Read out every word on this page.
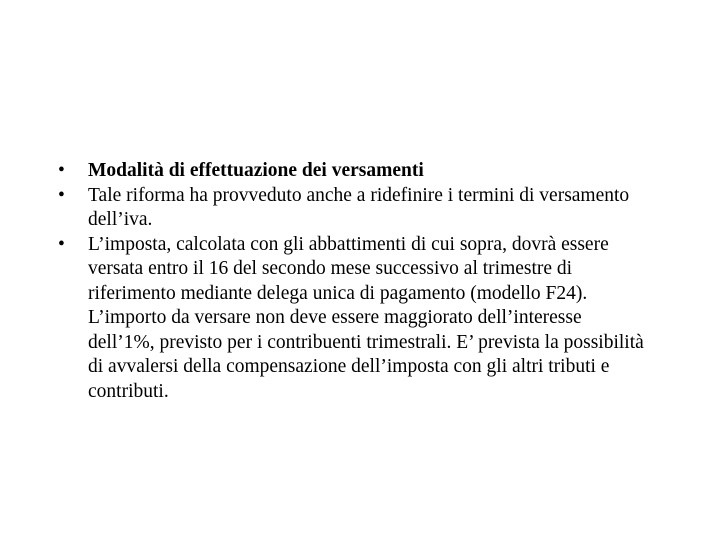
•	Modalità di effettuazione dei versamenti
•	Tale riforma ha provveduto anche a ridefinire i termini di versamento dell’iva.
•	L’imposta, calcolata con gli abbattimenti di cui sopra, dovrà essere versata entro il 16 del secondo mese successivo al trimestre di riferimento mediante delega unica di pagamento (modello F24). L’importo da versare non deve essere maggiorato dell’interesse dell’1%, previsto per i contribuenti trimestrali. E’ prevista la possibilità di avvalersi della compensazione dell’imposta con gli altri tributi e contributi.
